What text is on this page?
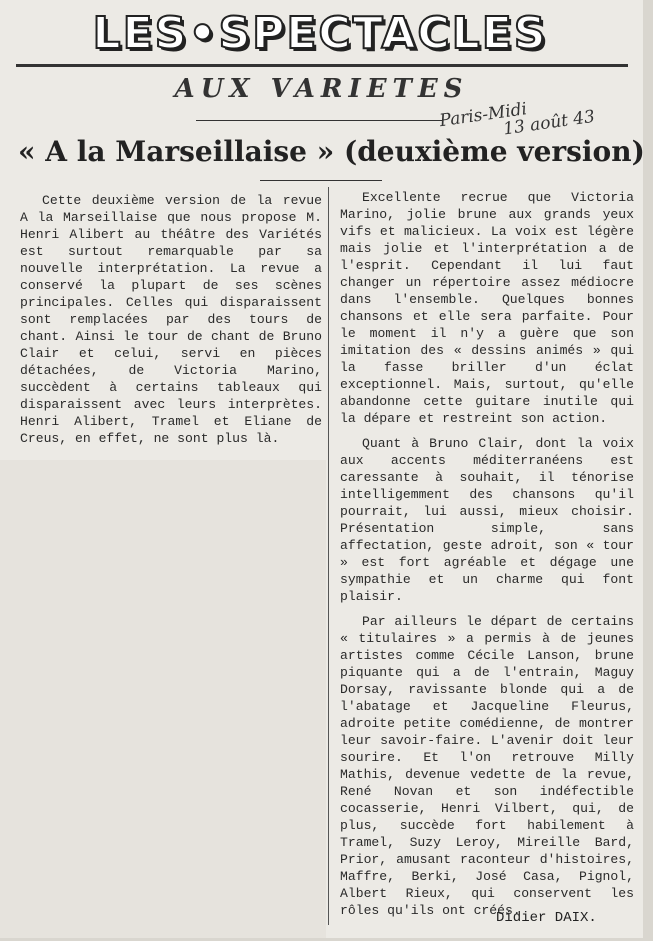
LES•SPECTACLES
AUX VARIETES
Paris-Midi
13 août 43
« A la Marseillaise » (deuxième version)

Cette deuxième version de la revue A la Marseillaise que nous propose M. Henri Alibert au théâtre des Variétés est surtout remarquable par sa nouvelle interprétation. La revue a conservé la plupart de ses scènes principales. Celles qui disparaissent sont remplacées par des tours de chant. Ainsi le tour de chant de Bruno Clair et celui, servi en pièces détachées, de Victoria Marino, succèdent à certains tableaux qui disparaissent avec leurs interprètes. Henri Alibert, Tramel et Eliane de Creus, en effet, ne sont plus là.

Excellente recrue que Victoria Marino, jolie brune aux grands yeux vifs et malicieux. La voix est légère mais jolie et l'interprétation a de l'esprit. Cependant il lui faut changer un répertoire assez médiocre dans l'ensemble. Quelques bonnes chansons et elle sera parfaite. Pour le moment il n'y a guère que son imitation des « dessins animés » qui la fasse briller d'un éclat exceptionnel. Mais, surtout, qu'elle abandonne cette guitare inutile qui la dépare et restreint son action.

Quant à Bruno Clair, dont la voix aux accents méditerranéens est caressante à souhait, il ténorise intelligemment des chansons qu'il pourrait, lui aussi, mieux choisir. Présentation simple, sans affectation, geste adroit, son « tour » est fort agréable et dégage une sympathie et un charme qui font plaisir.

Par ailleurs le départ de certains « titulaires » a permis à de jeunes artistes comme Cécile Lanson, brune piquante qui a de l'entrain, Maguy Dorsay, ravissante blonde qui a de l'abatage et Jacqueline Fleurus, adroite petite comédienne, de montrer leur savoir-faire. L'avenir doit leur sourire. Et l'on retrouve Milly Mathis, devenue vedette de la revue, René Novan et son indéfectible cocasserie, Henri Vilbert, qui, de plus, succède fort habilement à Tramel, Suzy Leroy, Mireille Bard, Prior, amusant raconteur d'histoires, Maffre, Berki, José Casa, Pignol, Albert Rieux, qui conservent les rôles qu'ils ont créés.

Didier DAIX.
